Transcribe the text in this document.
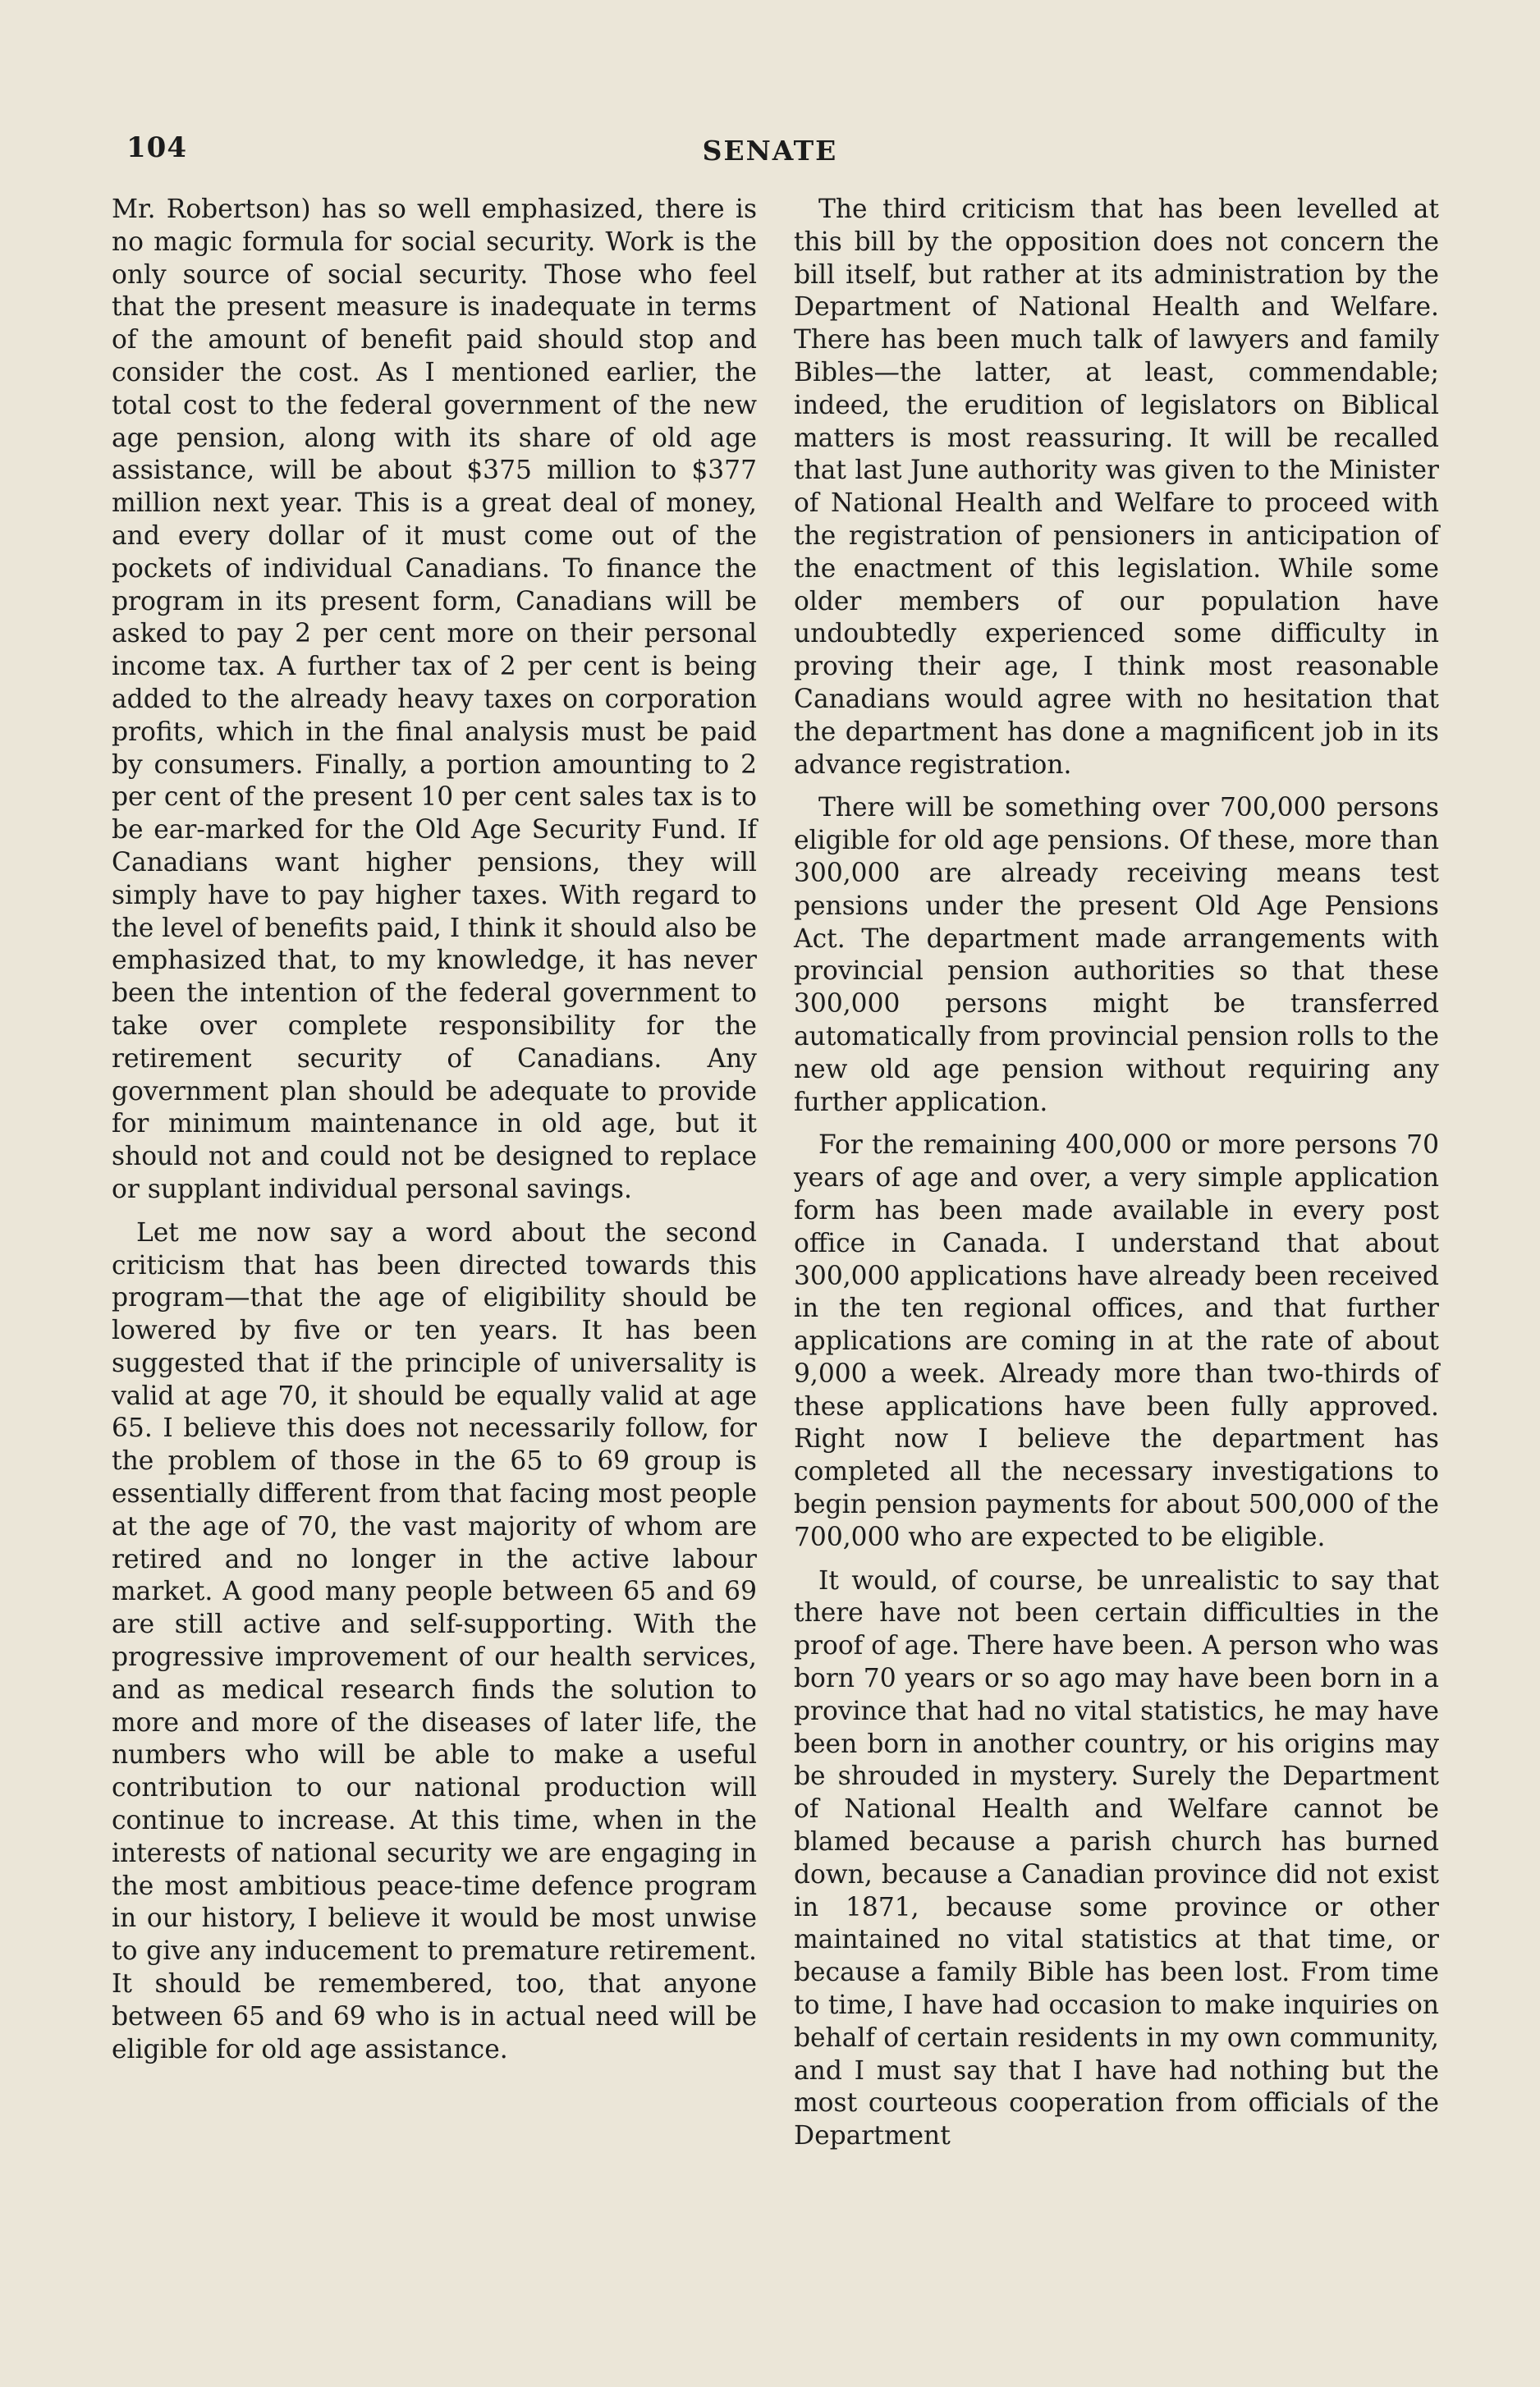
104	SENATE

Mr. Robertson) has so well emphasized, there is no magic formula for social security. Work is the only source of social security. Those who feel that the present measure is inadequate in terms of the amount of benefit paid should stop and consider the cost. As I mentioned earlier, the total cost to the federal government of the new age pension, along with its share of old age assistance, will be about $375 million to $377 million next year. This is a great deal of money, and every dollar of it must come out of the pockets of individual Canadians. To finance the program in its present form, Canadians will be asked to pay 2 per cent more on their personal income tax. A further tax of 2 per cent is being added to the already heavy taxes on corporation profits, which in the final analysis must be paid by consumers. Finally, a portion amounting to 2 per cent of the present 10 per cent sales tax is to be ear-marked for the Old Age Security Fund. If Canadians want higher pensions, they will simply have to pay higher taxes. With regard to the level of benefits paid, I think it should also be emphasized that, to my knowledge, it has never been the intention of the federal government to take over complete responsibility for the retirement security of Canadians. Any government plan should be adequate to provide for minimum maintenance in old age, but it should not and could not be designed to replace or supplant individual personal savings.

Let me now say a word about the second criticism that has been directed towards this program—that the age of eligibility should be lowered by five or ten years. It has been suggested that if the principle of universality is valid at age 70, it should be equally valid at age 65. I believe this does not necessarily follow, for the problem of those in the 65 to 69 group is essentially different from that facing most people at the age of 70, the vast majority of whom are retired and no longer in the active labour market. A good many people between 65 and 69 are still active and self-supporting. With the progressive improvement of our health services, and as medical research finds the solution to more and more of the diseases of later life, the numbers who will be able to make a useful contribution to our national production will continue to increase. At this time, when in the interests of national security we are engaging in the most ambitious peace-time defence program in our history, I believe it would be most unwise to give any inducement to premature retirement. It should be remembered, too, that anyone between 65 and 69 who is in actual need will be eligible for old age assistance.

The third criticism that has been levelled at this bill by the opposition does not concern the bill itself, but rather at its administration by the Department of National Health and Welfare. There has been much talk of lawyers and family Bibles—the latter, at least, commendable; indeed, the erudition of legislators on Biblical matters is most reassuring. It will be recalled that last June authority was given to the Minister of National Health and Welfare to proceed with the registration of pensioners in anticipation of the enactment of this legislation. While some older members of our population have undoubtedly experienced some difficulty in proving their age, I think most reasonable Canadians would agree with no hesitation that the department has done a magnificent job in its advance registration.

There will be something over 700,000 persons eligible for old age pensions. Of these, more than 300,000 are already receiving means test pensions under the present Old Age Pensions Act. The department made arrangements with provincial pension authorities so that these 300,000 persons might be transferred automatically from provincial pension rolls to the new old age pension without requiring any further application.

For the remaining 400,000 or more persons 70 years of age and over, a very simple application form has been made available in every post office in Canada. I understand that about 300,000 applications have already been received in the ten regional offices, and that further applications are coming in at the rate of about 9,000 a week. Already more than two-thirds of these applications have been fully approved. Right now I believe the department has completed all the necessary investigations to begin pension payments for about 500,000 of the 700,000 who are expected to be eligible.

It would, of course, be unrealistic to say that there have not been certain difficulties in the proof of age. There have been. A person who was born 70 years or so ago may have been born in a province that had no vital statistics, he may have been born in another country, or his origins may be shrouded in mystery. Surely the Department of National Health and Welfare cannot be blamed because a parish church has burned down, because a Canadian province did not exist in 1871, because some province or other maintained no vital statistics at that time, or because a family Bible has been lost. From time to time, I have had occasion to make inquiries on behalf of certain residents in my own community, and I must say that I have had nothing but the most courteous cooperation from officials of the Department
